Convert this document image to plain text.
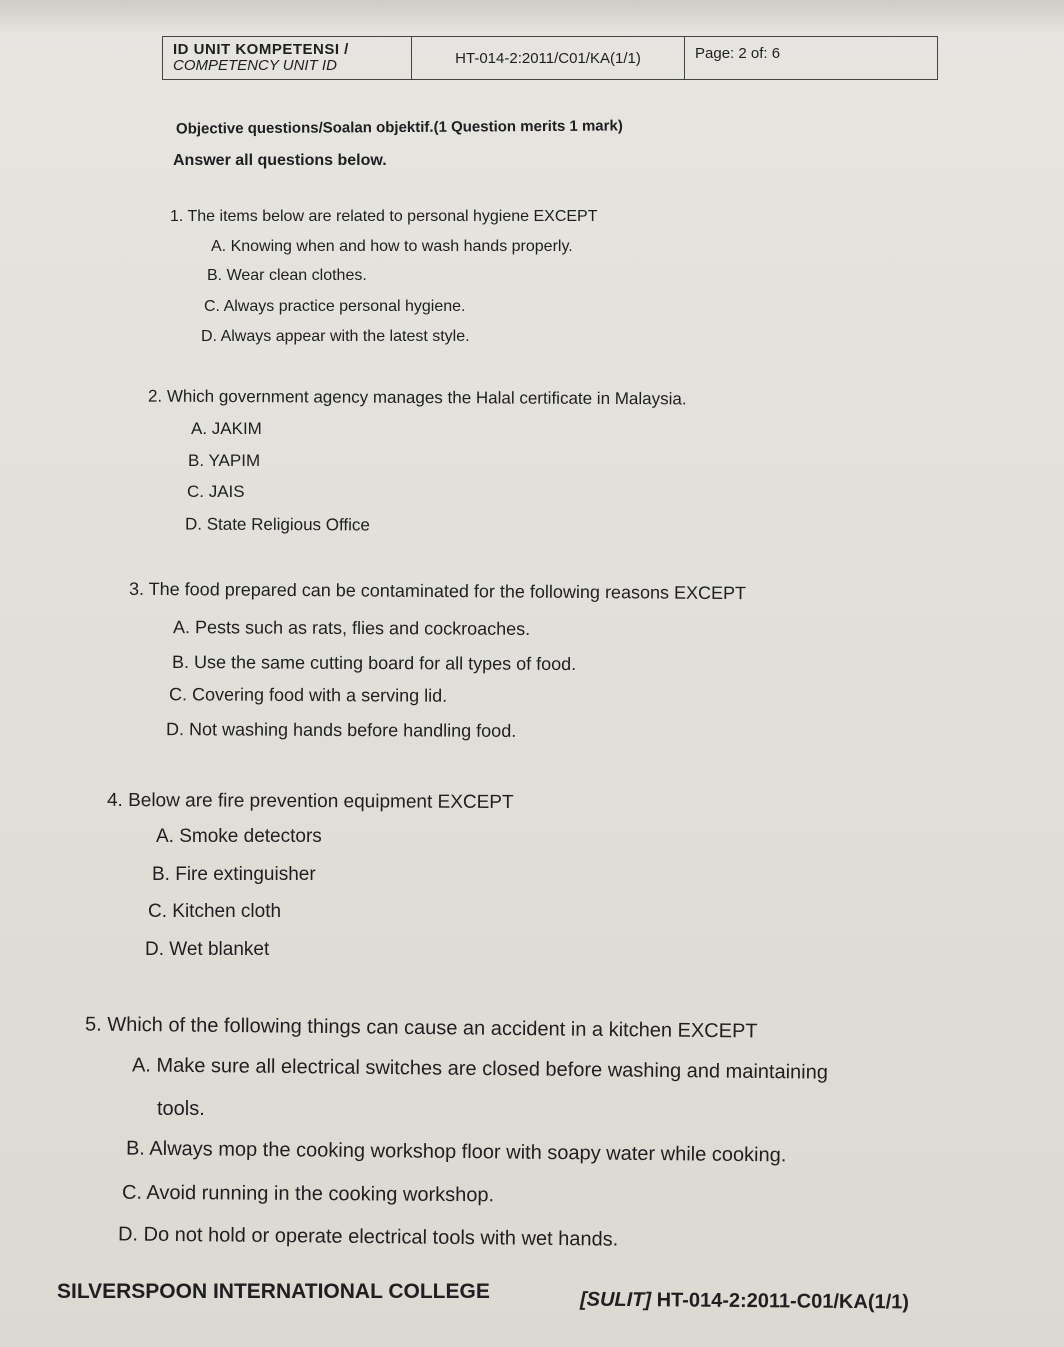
ID UNIT KOMPETENSI /
COMPETENCY UNIT ID	HT-014-2:2011/C01/KA(1/1)	Page: 2 of: 6
Objective questions/Soalan objektif.(1 Question merits 1 mark)
Answer all questions below.
1. The items below are related to personal hygiene EXCEPT
A. Knowing when and how to wash hands properly.
B. Wear clean clothes.
C. Always practice personal hygiene.
D. Always appear with the latest style.
2. Which government agency manages the Halal certificate in Malaysia.
A. JAKIM
B. YAPIM
C. JAIS
D. State Religious Office
3. The food prepared can be contaminated for the following reasons EXCEPT
A. Pests such as rats, flies and cockroaches.
B. Use the same cutting board for all types of food.
C. Covering food with a serving lid.
D. Not washing hands before handling food.
4. Below are fire prevention equipment EXCEPT
A. Smoke detectors
B. Fire extinguisher
C. Kitchen cloth
D. Wet blanket
5. Which of the following things can cause an accident in a kitchen EXCEPT
A. Make sure all electrical switches are closed before washing and maintaining
tools.
B. Always mop the cooking workshop floor with soapy water while cooking.
C. Avoid running in the cooking workshop.
D. Do not hold or operate electrical tools with wet hands.
SILVERSPOON INTERNATIONAL COLLEGE	[SULIT] HT-014-2:2011-C01/KA(1/1)
